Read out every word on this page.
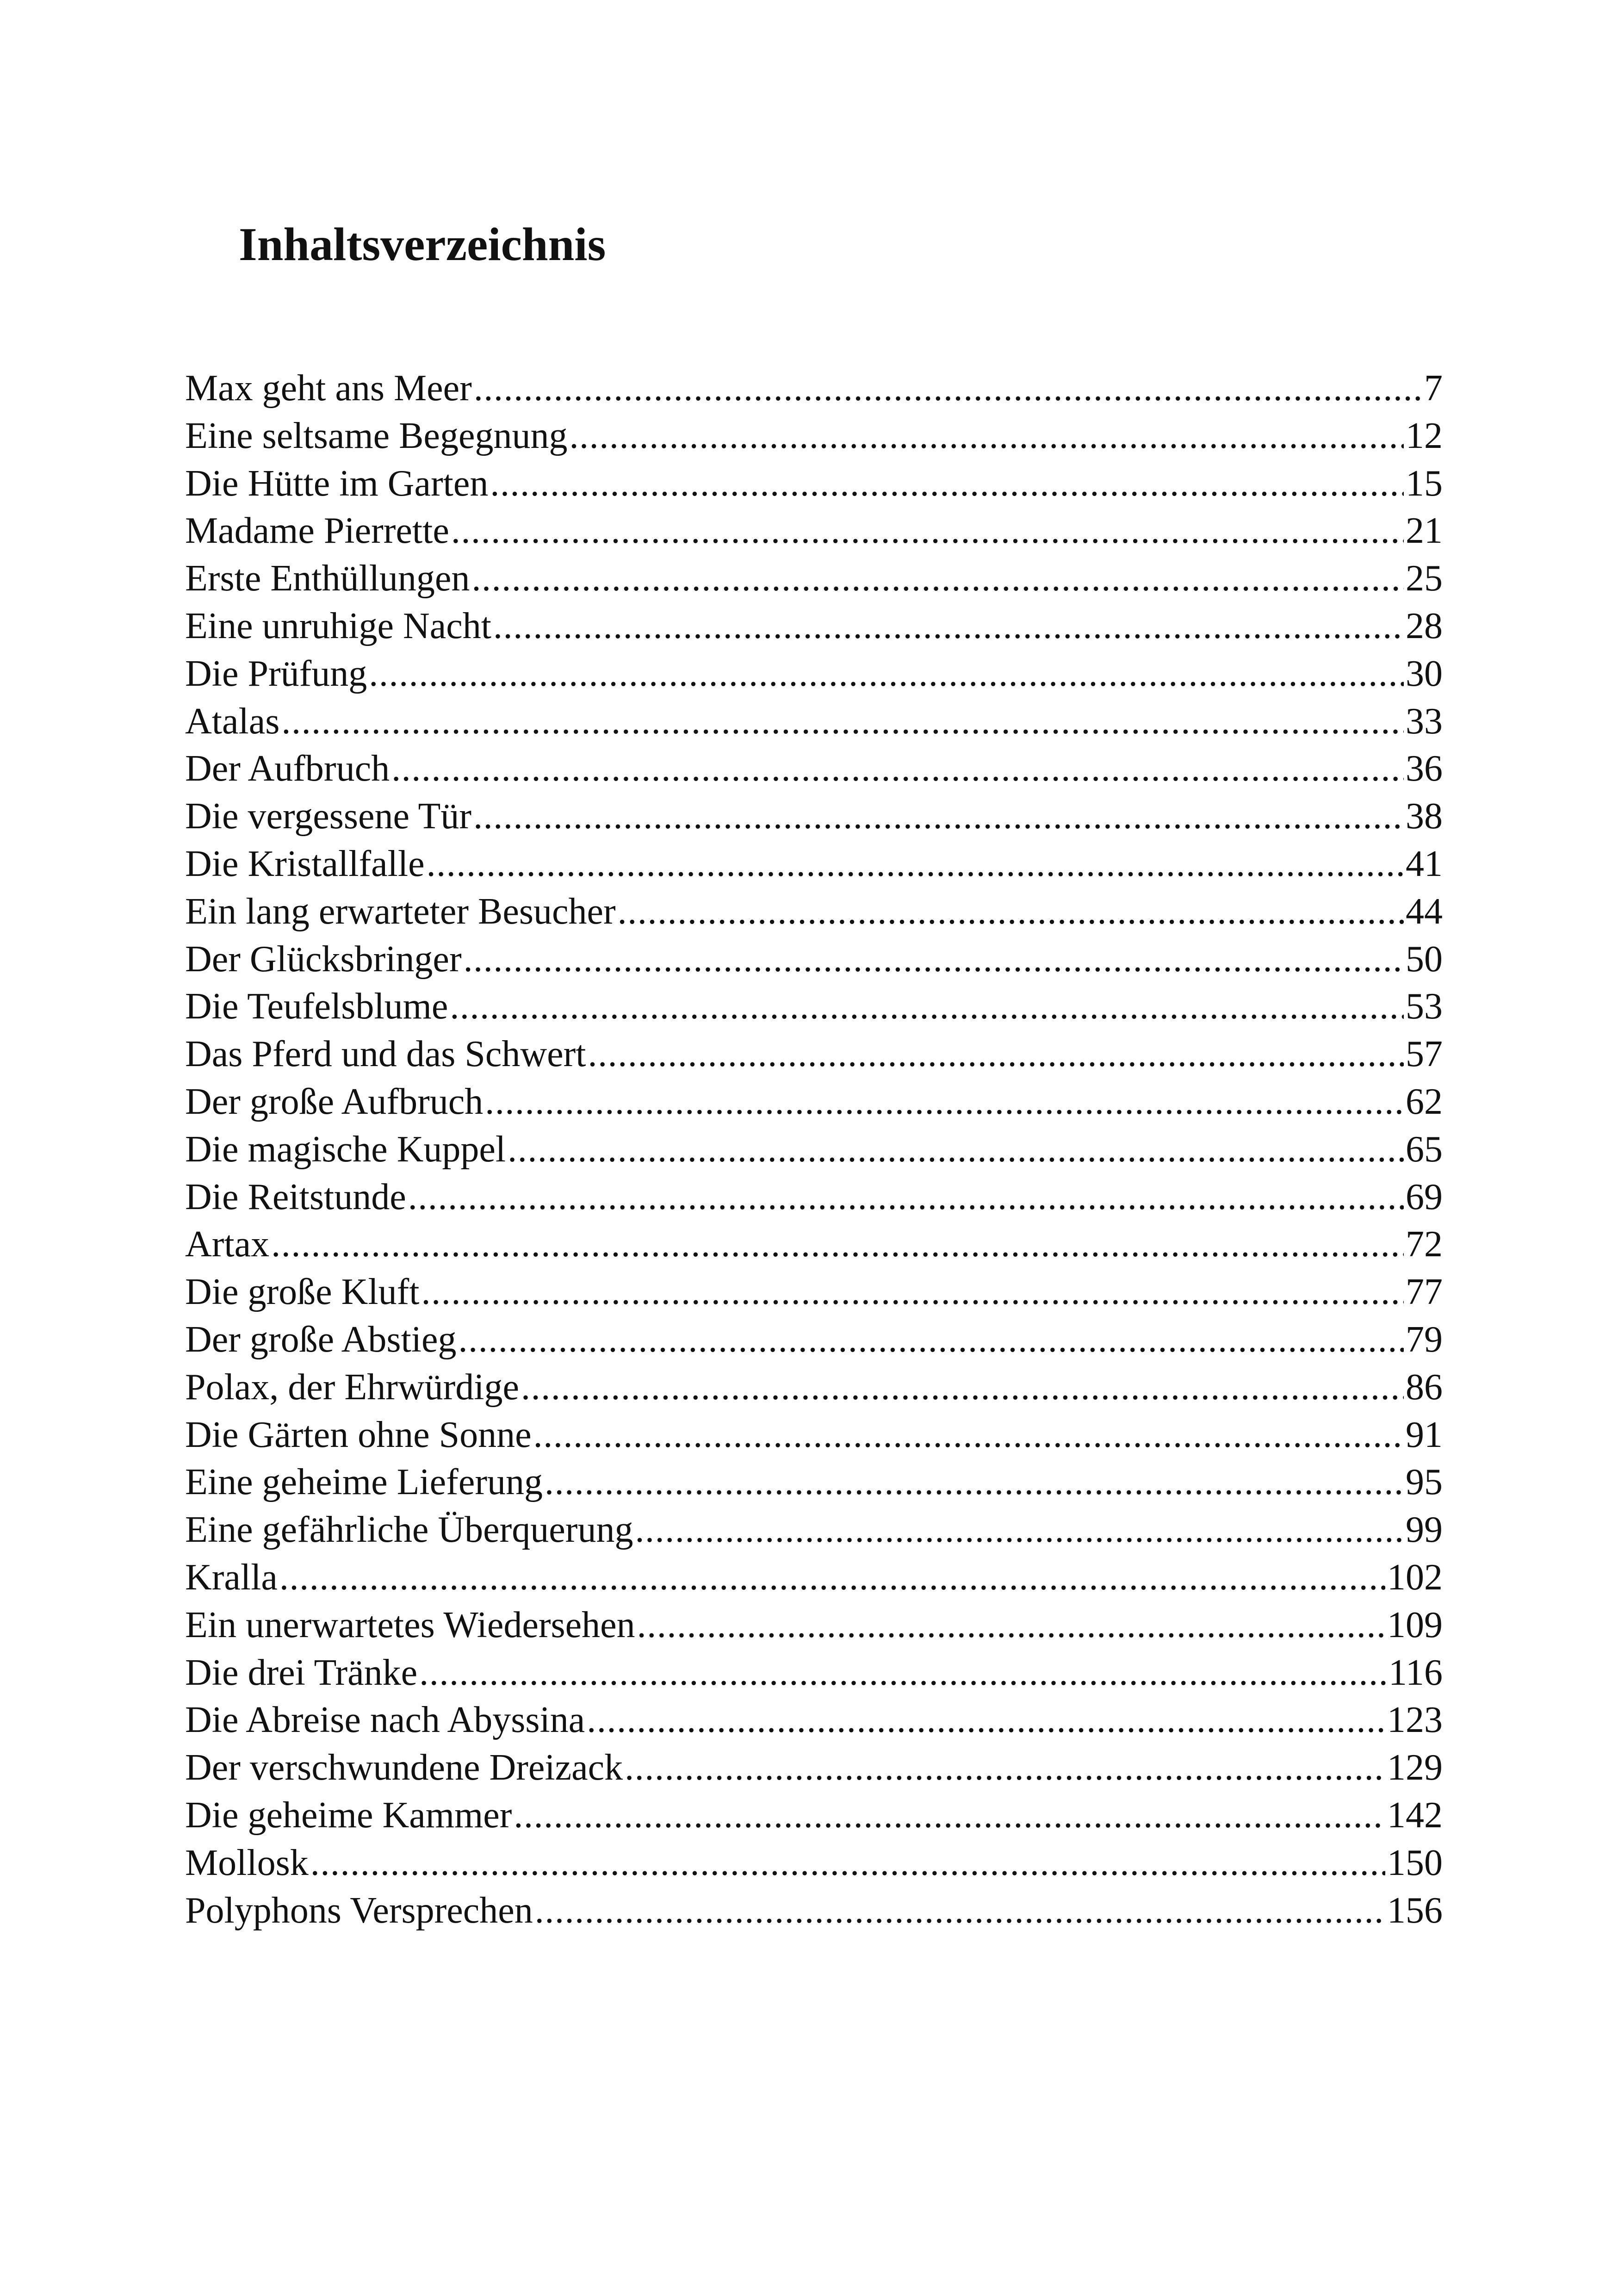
Inhaltsverzeichnis
Max geht ans Meer .....	7
Eine seltsame Begegnung .....	12
Die Hütte im Garten .....	15
Madame Pierrette .....	21
Erste Enthüllungen .....	25
Eine unruhige Nacht .....	28
Die Prüfung .....	30
Atalas .....	33
Der Aufbruch .....	36
Die vergessene Tür .....	38
Die Kristallfalle .....	41
Ein lang erwarteter Besucher .....	44
Der Glücksbringer .....	50
Die Teufelsblume .....	53
Das Pferd und das Schwert .....	57
Der große Aufbruch .....	62
Die magische Kuppel .....	65
Die Reitstunde .....	69
Artax .....	72
Die große Kluft .....	77
Der große Abstieg .....	79
Polax, der Ehrwürdige .....	86
Die Gärten ohne Sonne .....	91
Eine geheime Lieferung .....	95
Eine gefährliche Überquerung .....	99
Kralla .....	102
Ein unerwartetes Wiedersehen .....	109
Die drei Tränke .....	116
Die Abreise nach Abyssina .....	123
Der verschwundene Dreizack .....	129
Die geheime Kammer .....	142
Mollosk .....	150
Polyphons Versprechen .....	156
